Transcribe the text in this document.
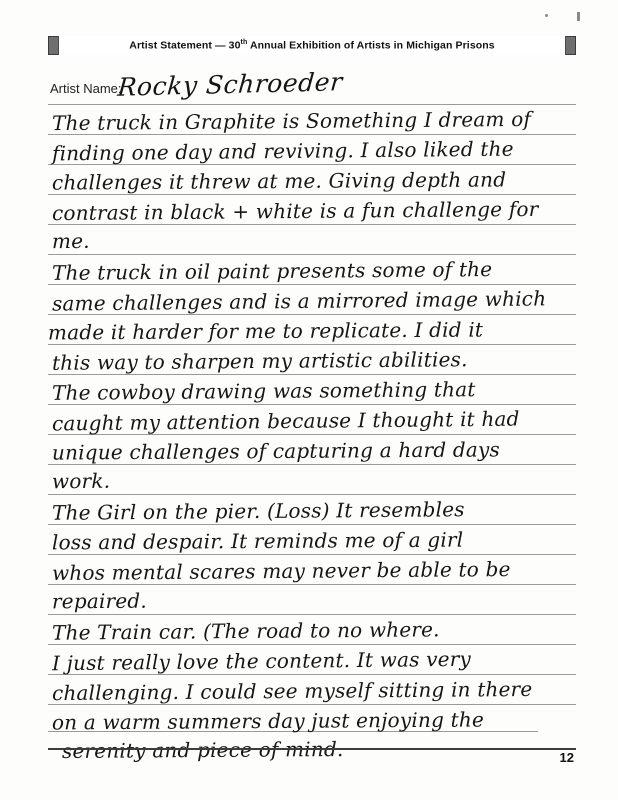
Artist Statement — 30th Annual Exhibition of Artists in Michigan Prisons
Artist Name:
Rocky Schroeder
The truck in Graphite is Something I dream of
finding one day and reviving. I also liked the
challenges it threw at me. Giving depth and
contrast in black + white is a fun challenge for
me.
The truck in oil paint presents some of the
same challenges and is a mirrored image which
made it harder for me to replicate. I did it
this way to sharpen my artistic abilities.
The cowboy drawing was something that
caught my attention because I thought it had
unique challenges of capturing a hard days
work.
The Girl on the pier. (Loss) It resembles
loss and despair. It reminds me of a girl
whos mental scares may never be able to be
repaired.
The Train car. (The road to no where.
I just really love the content. It was very
challenging. I could see myself sitting in there
on a warm summers day just enjoying the
serenity and piece of mind.	12
